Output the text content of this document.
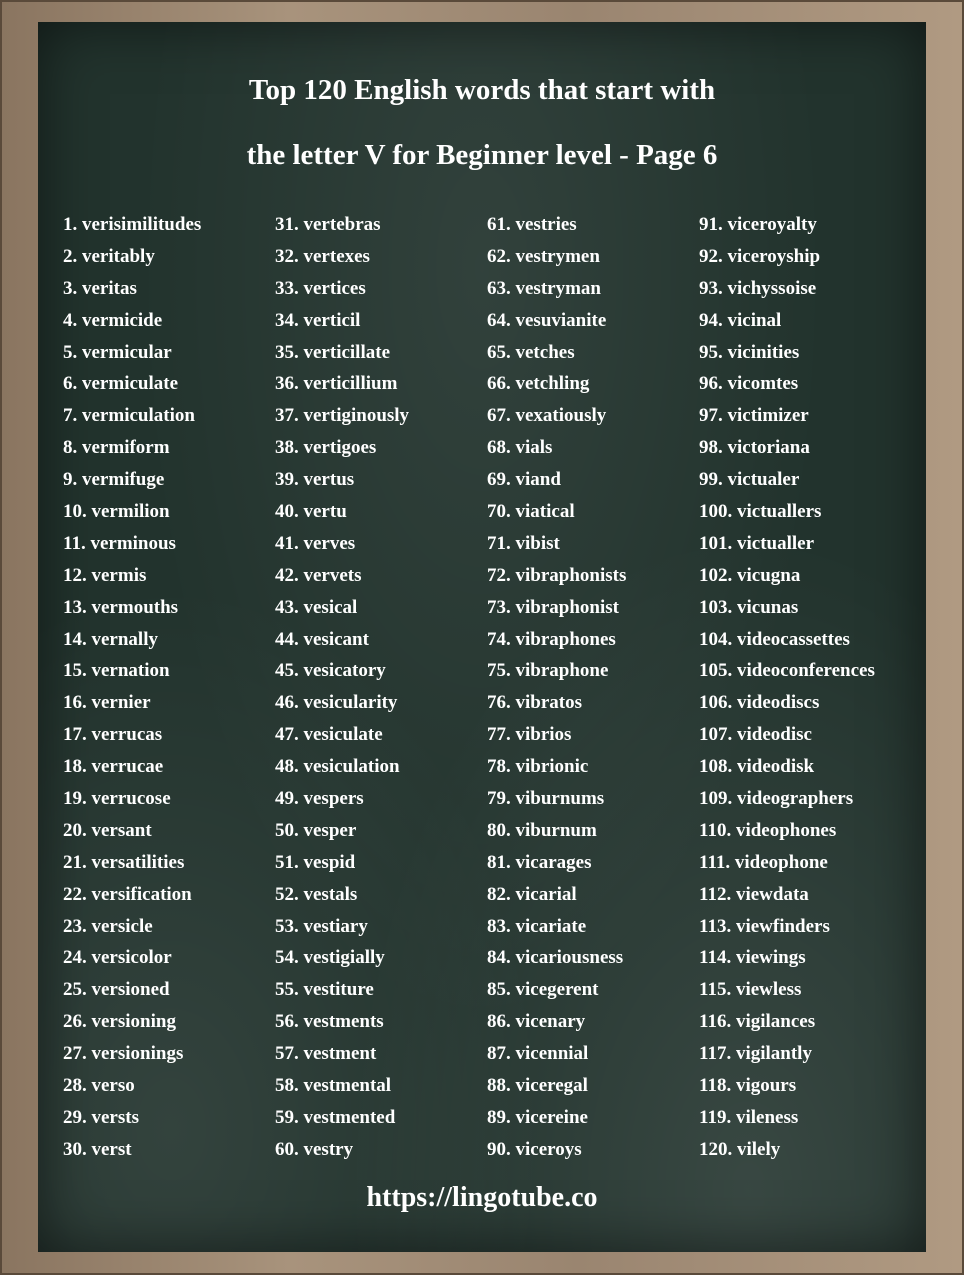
Top 120 English words that start with
the letter V for Beginner level - Page 6
1. verisimilitudes
2. veritably
3. veritas
4. vermicide
5. vermicular
6. vermiculate
7. vermiculation
8. vermiform
9. vermifuge
10. vermilion
11. verminous
12. vermis
13. vermouths
14. vernally
15. vernation
16. vernier
17. verrucas
18. verrucae
19. verrucose
20. versant
21. versatilities
22. versification
23. versicle
24. versicolor
25. versioned
26. versioning
27. versionings
28. verso
29. versts
30. verst
31. vertebras
32. vertexes
33. vertices
34. verticil
35. verticillate
36. verticillium
37. vertiginously
38. vertigoes
39. vertus
40. vertu
41. verves
42. vervets
43. vesical
44. vesicant
45. vesicatory
46. vesicularity
47. vesiculate
48. vesiculation
49. vespers
50. vesper
51. vespid
52. vestals
53. vestiary
54. vestigially
55. vestiture
56. vestments
57. vestment
58. vestmental
59. vestmented
60. vestry
61. vestries
62. vestrymen
63. vestryman
64. vesuvianite
65. vetches
66. vetchling
67. vexatiously
68. vials
69. viand
70. viatical
71. vibist
72. vibraphonists
73. vibraphonist
74. vibraphones
75. vibraphone
76. vibratos
77. vibrios
78. vibrionic
79. viburnums
80. viburnum
81. vicarages
82. vicarial
83. vicariate
84. vicariousness
85. vicegerent
86. vicenary
87. vicennial
88. viceregal
89. vicereine
90. viceroys
91. viceroyalty
92. viceroyship
93. vichyssoise
94. vicinal
95. vicinities
96. vicomtes
97. victimizer
98. victoriana
99. victualer
100. victuallers
101. victualler
102. vicugna
103. vicunas
104. videocassettes
105. videoconferences
106. videodiscs
107. videodisc
108. videodisk
109. videographers
110. videophones
111. videophone
112. viewdata
113. viewfinders
114. viewings
115. viewless
116. vigilances
117. vigilantly
118. vigours
119. vileness
120. vilely
https://lingotube.co
